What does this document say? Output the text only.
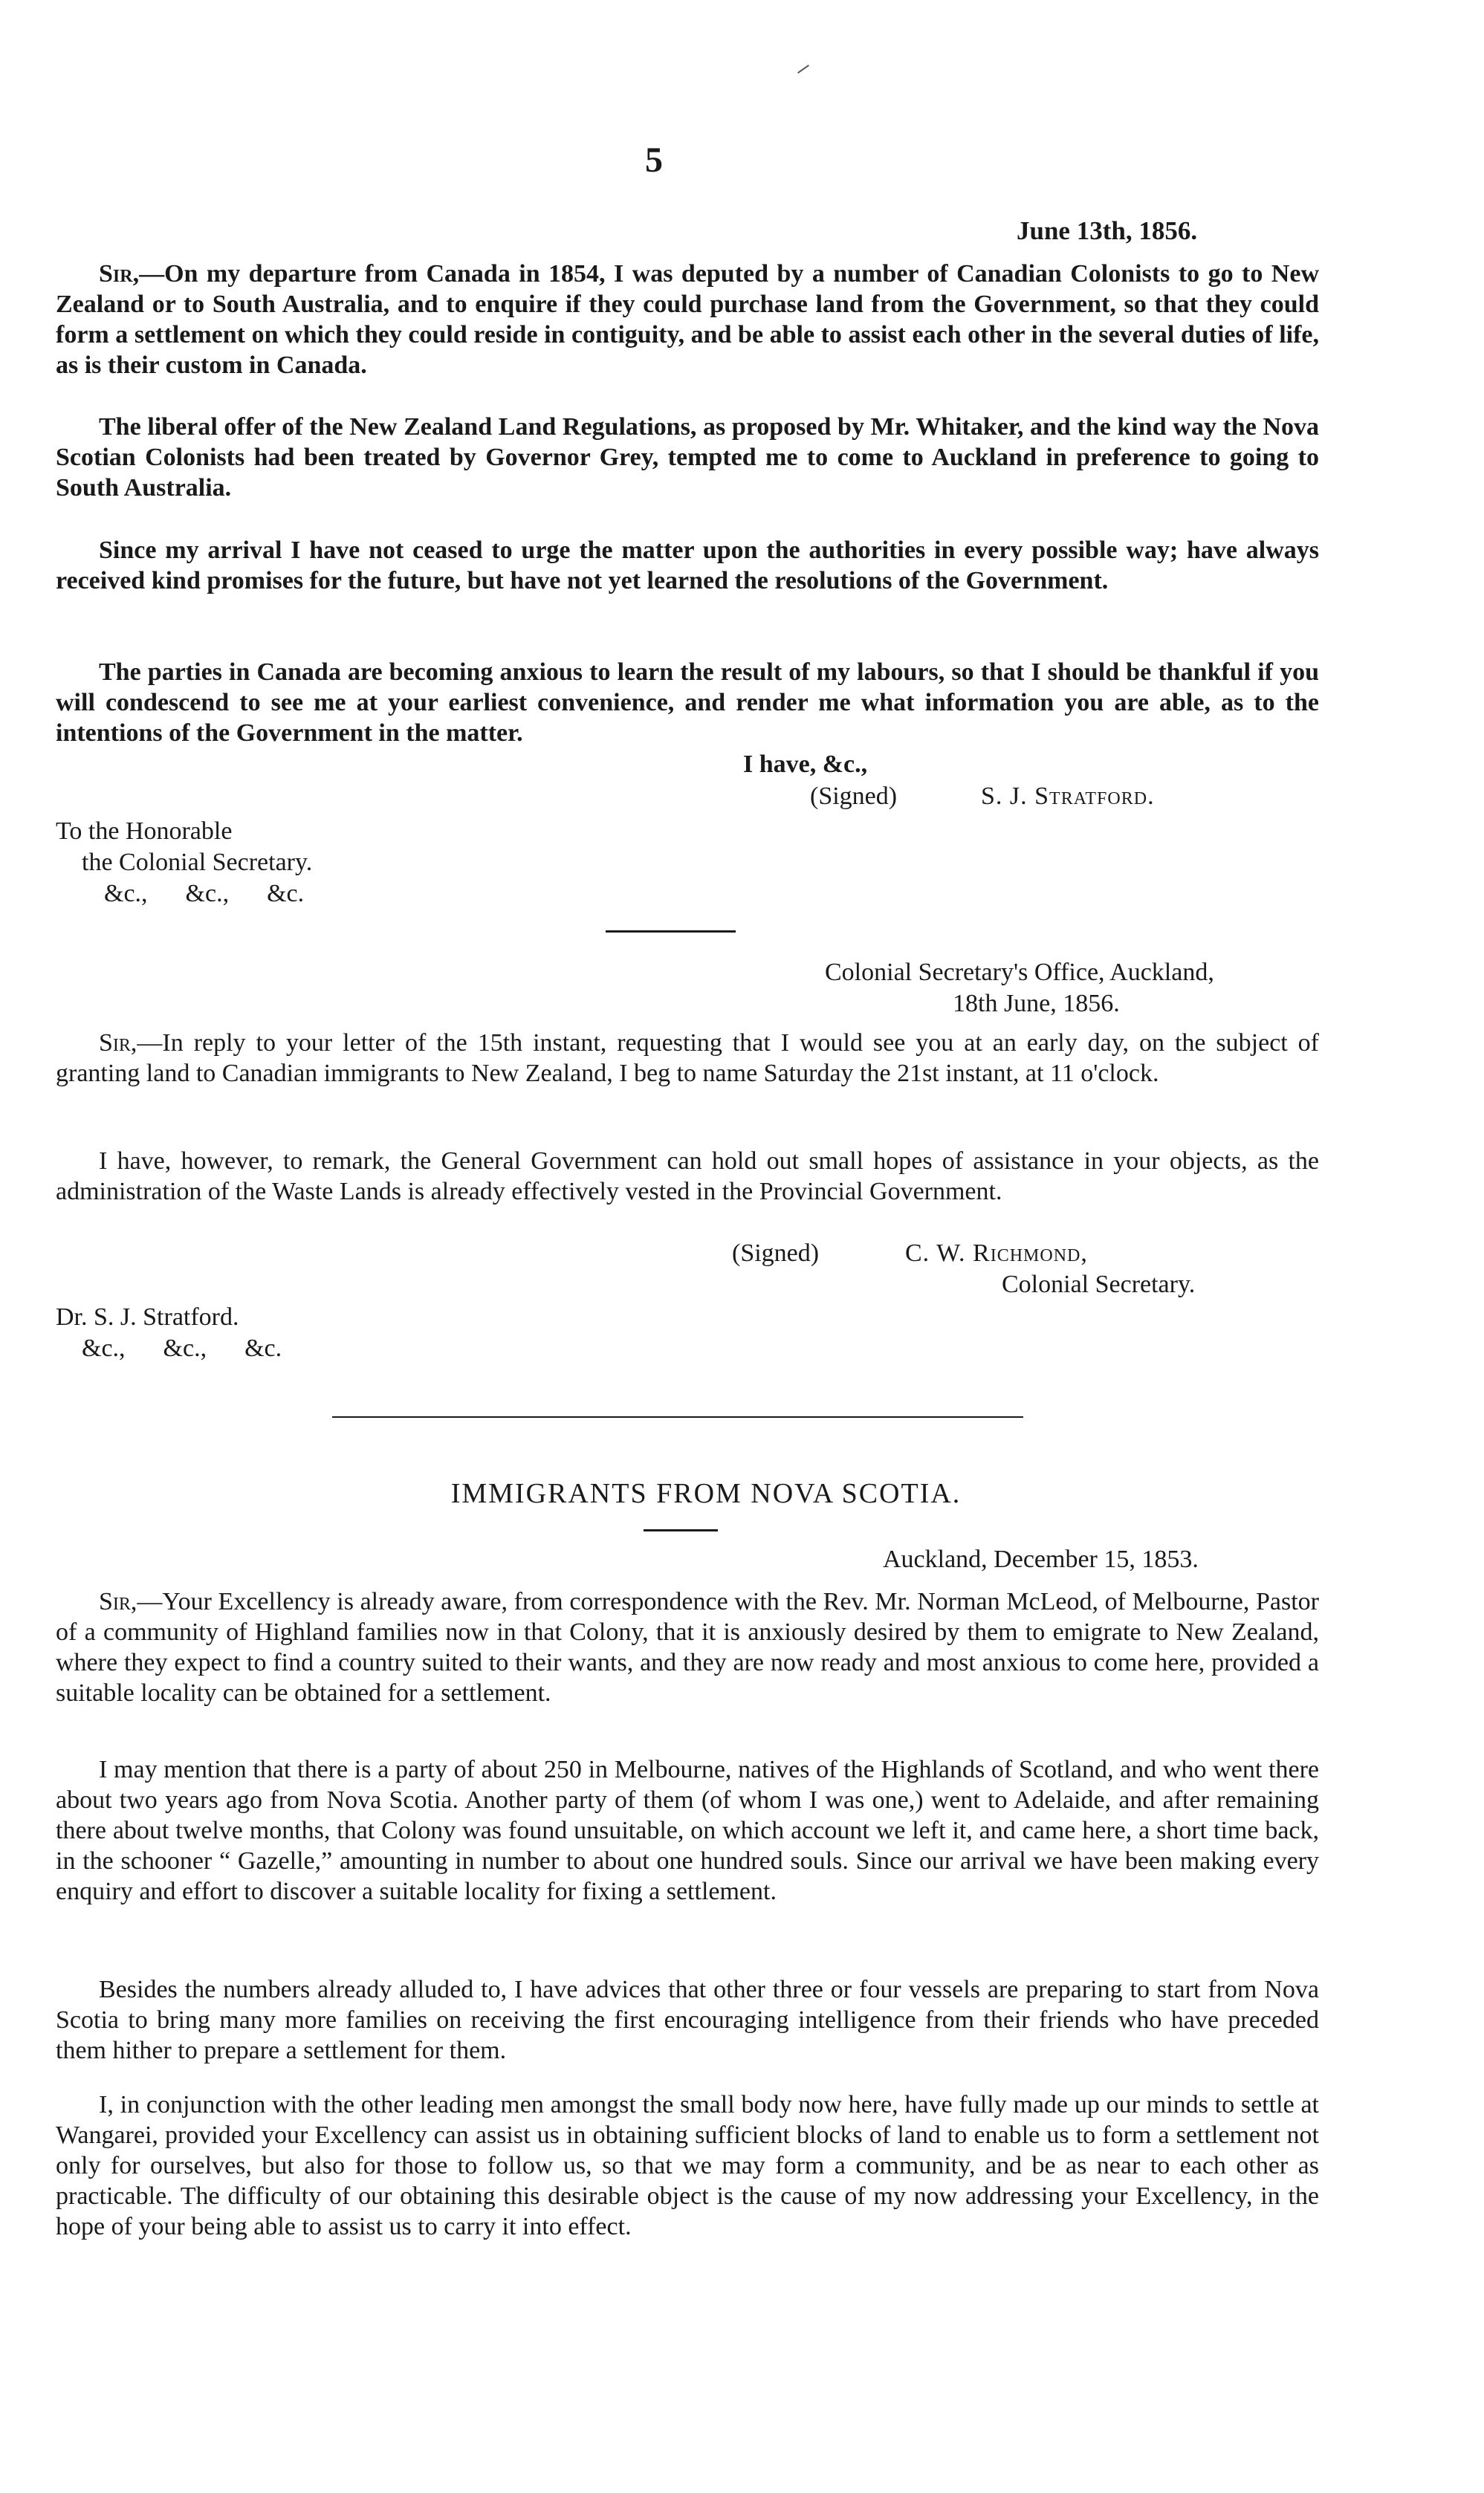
5
June 13th, 1856.
Sir,—On my departure from Canada in 1854, I was deputed by a number of Canadian Colonists to go to New Zealand or to South Australia, and to enquire if they could purchase land from the Government, so that they could form a settlement on which they could reside in contiguity, and be able to assist each other in the several duties of life, as is their custom in Canada.
The liberal offer of the New Zealand Land Regulations, as proposed by Mr. Whitaker, and the kind way the Nova Scotian Colonists had been treated by Governor Grey, tempted me to come to Auckland in preference to going to South Australia.
Since my arrival I have not ceased to urge the matter upon the authorities in every possible way; have always received kind promises for the future, but have not yet learned the resolutions of the Government.
The parties in Canada are becoming anxious to learn the result of my labours, so that I should be thankful if you will condescend to see me at your earliest convenience, and render me what information you are able, as to the intentions of the Government in the matter.
I have, &c.,
(Signed)	S. J. Stratford.
To the Honorable
the Colonial Secretary.
&c.,      &c.,      &c.
Colonial Secretary's Office, Auckland,
18th June, 1856.
Sir,—In reply to your letter of the 15th instant, requesting that I would see you at an early day, on the subject of granting land to Canadian immigrants to New Zealand, I beg to name Saturday the 21st instant, at 11 o'clock.
I have, however, to remark, the General Government can hold out small hopes of assistance in your objects, as the administration of the Waste Lands is already effectively vested in the Provincial Government.
(Signed)	C. W. Richmond,
Colonial Secretary.
Dr. S. J. Stratford.
&c.,      &c.,      &c.
IMMIGRANTS FROM NOVA SCOTIA.
Auckland, December 15, 1853.
Sir,—Your Excellency is already aware, from correspondence with the Rev. Mr. Norman McLeod, of Melbourne, Pastor of a community of Highland families now in that Colony, that it is anxiously desired by them to emigrate to New Zealand, where they expect to find a country suited to their wants, and they are now ready and most anxious to come here, provided a suitable locality can be obtained for a settlement.
I may mention that there is a party of about 250 in Melbourne, natives of the Highlands of Scotland, and who went there about two years ago from Nova Scotia. Another party of them (of whom I was one,) went to Adelaide, and after remaining there about twelve months, that Colony was found unsuitable, on which account we left it, and came here, a short time back, in the schooner “ Gazelle,” amounting in number to about one hundred souls. Since our arrival we have been making every enquiry and effort to discover a suitable locality for fixing a settlement.
Besides the numbers already alluded to, I have advices that other three or four vessels are preparing to start from Nova Scotia to bring many more families on receiving the first encouraging intelligence from their friends who have preceded them hither to prepare a settlement for them.
I, in conjunction with the other leading men amongst the small body now here, have fully made up our minds to settle at Wangarei, provided your Excellency can assist us in obtaining sufficient blocks of land to enable us to form a settlement not only for ourselves, but also for those to follow us, so that we may form a community, and be as near to each other as practicable. The difficulty of our obtaining this desirable object is the cause of my now addressing your Excellency, in the hope of your being able to assist us to carry it into effect.
